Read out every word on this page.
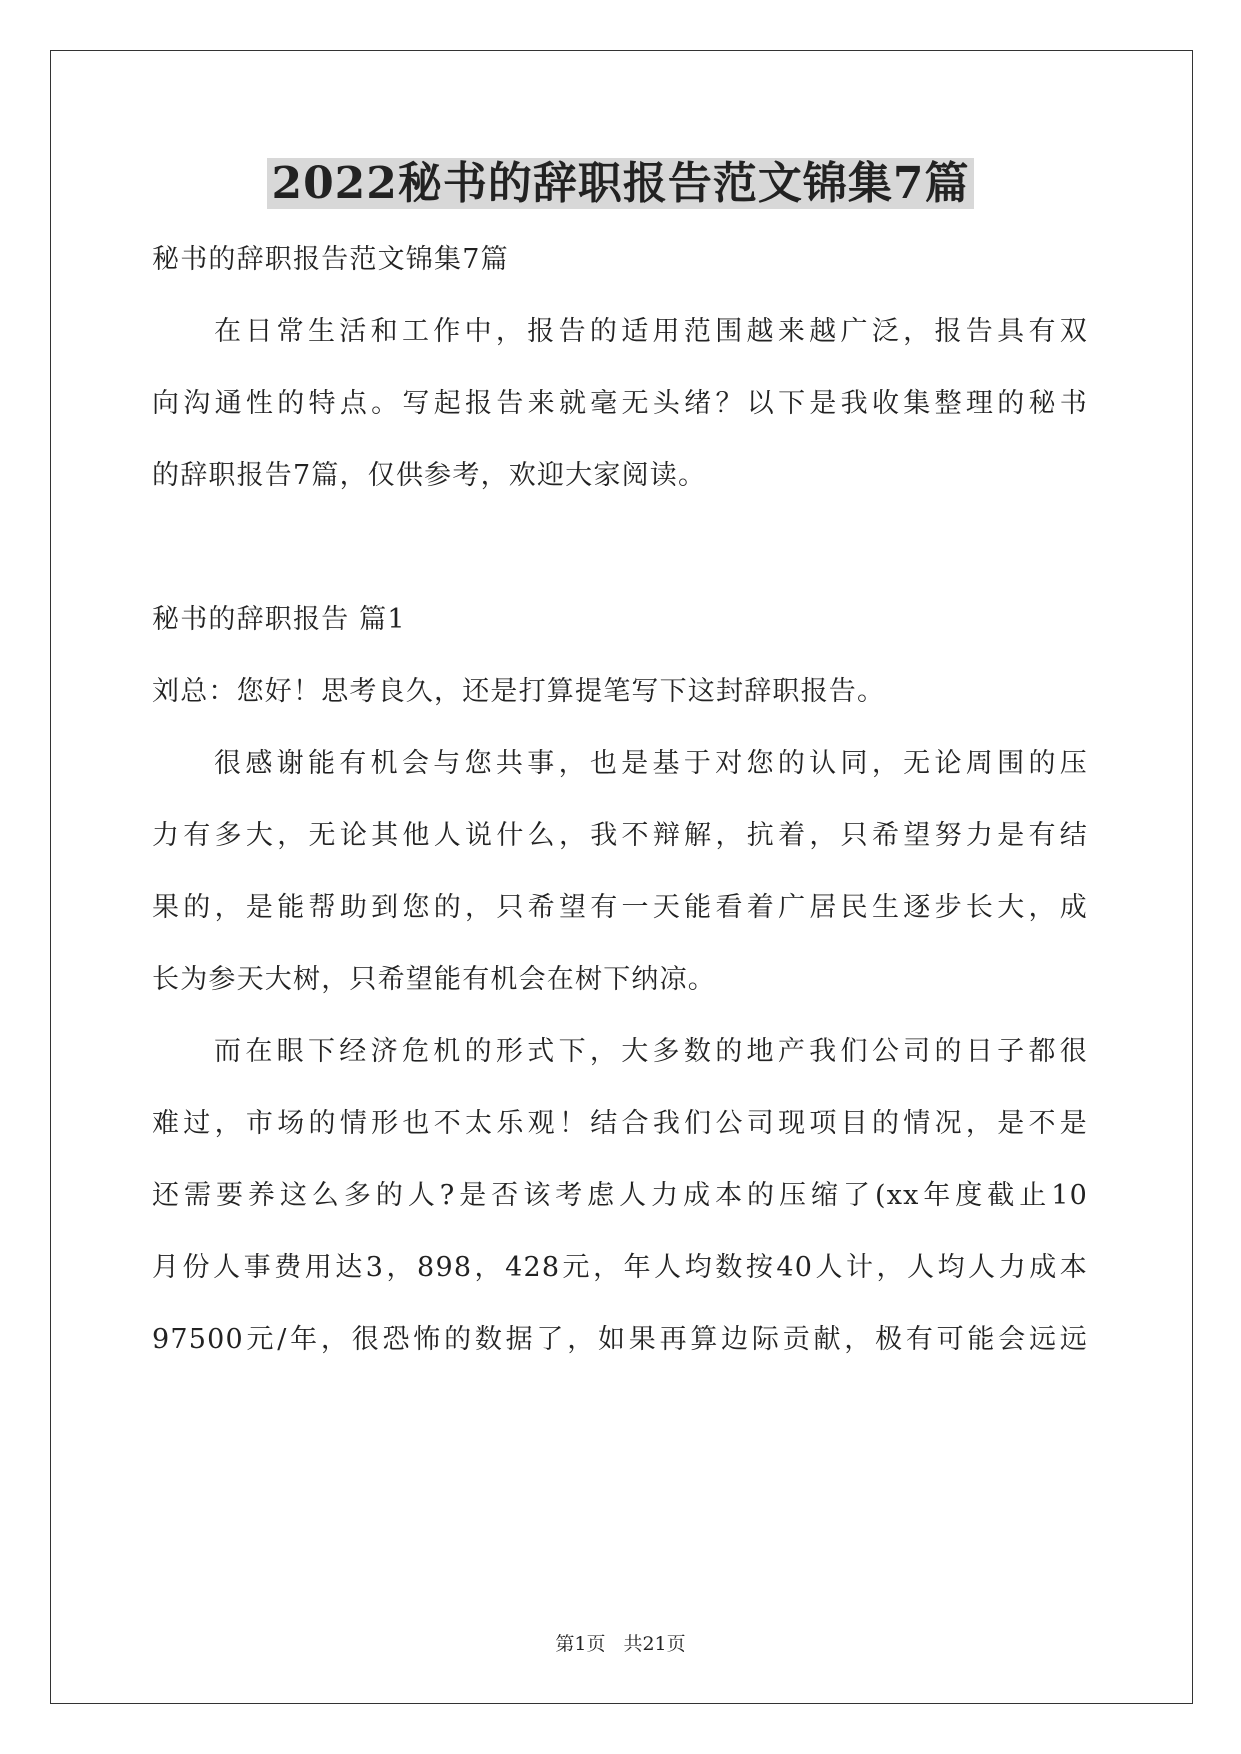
2022秘书的辞职报告范文锦集7篇
秘书的辞职报告范文锦集7篇
在日常生活和工作中，报告的适用范围越来越广泛，报告具有双
向沟通性的特点。写起报告来就毫无头绪？以下是我收集整理的秘书
的辞职报告7篇，仅供参考，欢迎大家阅读。
秘书的辞职报告 篇1
刘总：您好！思考良久，还是打算提笔写下这封辞职报告。
很感谢能有机会与您共事，也是基于对您的认同，无论周围的压
力有多大，无论其他人说什么，我不辩解，抗着，只希望努力是有结
果的，是能帮助到您的，只希望有一天能看着广居民生逐步长大，成
长为参天大树，只希望能有机会在树下纳凉。
而在眼下经济危机的形式下，大多数的地产我们公司的日子都很
难过，市场的情形也不太乐观！结合我们公司现项目的情况，是不是
还需要养这么多的人?是否该考虑人力成本的压缩了(xx年度截止10
月份人事费用达3，898，428元，年人均数按40人计，人均人力成本
97500元/年，很恐怖的数据了，如果再算边际贡献，极有可能会远远
第1页 共21页
